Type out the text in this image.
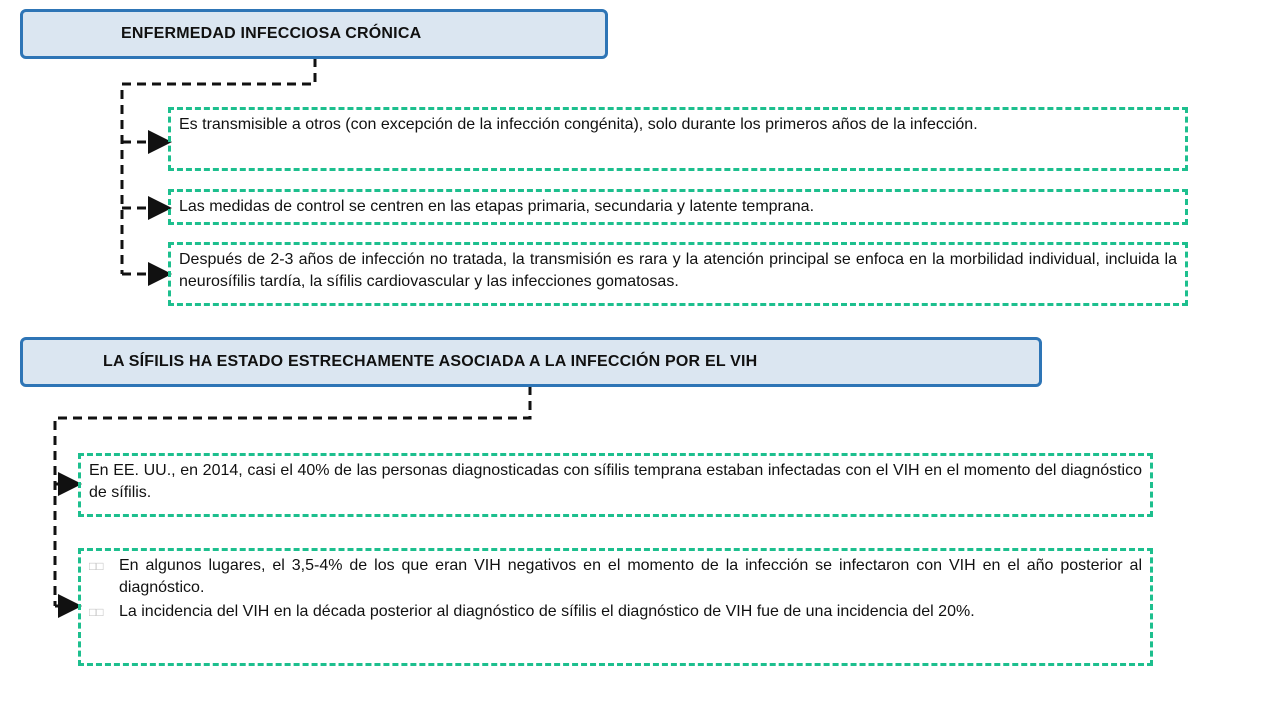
ENFERMEDAD INFECCIOSA CRÓNICA
Es transmisible a otros (con excepción de la infección congénita), solo durante los primeros años de la infección.
Las medidas de control se centren en las etapas primaria, secundaria y latente temprana.
Después de 2-3 años de infección no tratada, la transmisión es rara y la atención principal se enfoca en la morbilidad individual, incluida la neurosífilis tardía, la sífilis cardiovascular y las infecciones gomatosas.
LA SÍFILIS HA ESTADO ESTRECHAMENTE ASOCIADA A LA INFECCIÓN POR EL VIH
En EE. UU., en 2014, casi el 40% de las personas diagnosticadas con sífilis temprana estaban infectadas con el VIH en el momento del diagnóstico de sífilis.
□□ En algunos lugares, el 3,5-4% de los que eran VIH negativos en el momento de la infección se infectaron con VIH en el año posterior al diagnóstico.
□□ La incidencia del VIH en la década posterior al diagnóstico de sífilis el diagnóstico de VIH fue de una incidencia del 20%.
